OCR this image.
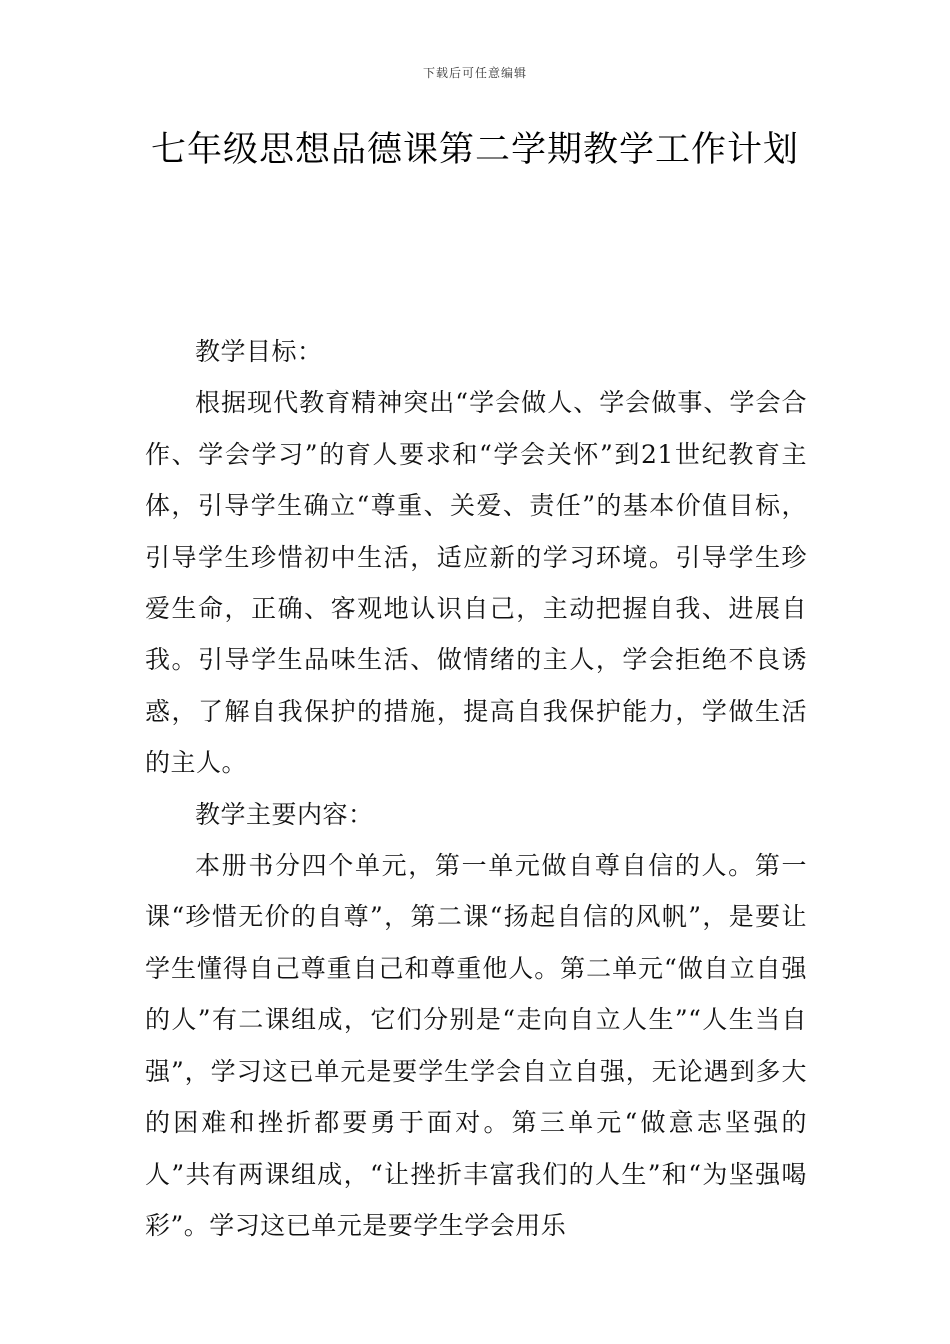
下载后可任意编辑
七年级思想品德课第二学期教学工作计划

教学目标：

根据现代教育精神突出“学会做人、学会做事、学会合作、学会学习”的育人要求和“学会关怀”到21世纪教育主体，引导学生确立“尊重、关爱、责任”的基本价值目标，引导学生珍惜初中生活，适应新的学习环境。引导学生珍爱生命，正确、客观地认识自己，主动把握自我、进展自我。引导学生品味生活、做情绪的主人，学会拒绝不良诱惑，了解自我保护的措施，提高自我保护能力，学做生活的主人。

教学主要内容：

本册书分四个单元，第一单元做自尊自信的人。第一课“珍惜无价的自尊”，第二课“扬起自信的风帆”，是要让学生懂得自己尊重自己和尊重他人。第二单元“做自立自强的人”有二课组成，它们分别是“走向自立人生”“人生当自强”，学习这已单元是要学生学会自立自强，无论遇到多大的困难和挫折都要勇于面对。第三单元“做意志坚强的人”共有两课组成，“让挫折丰富我们的人生”和“为坚强喝彩”。学习这已单元是要学生学会用乐
